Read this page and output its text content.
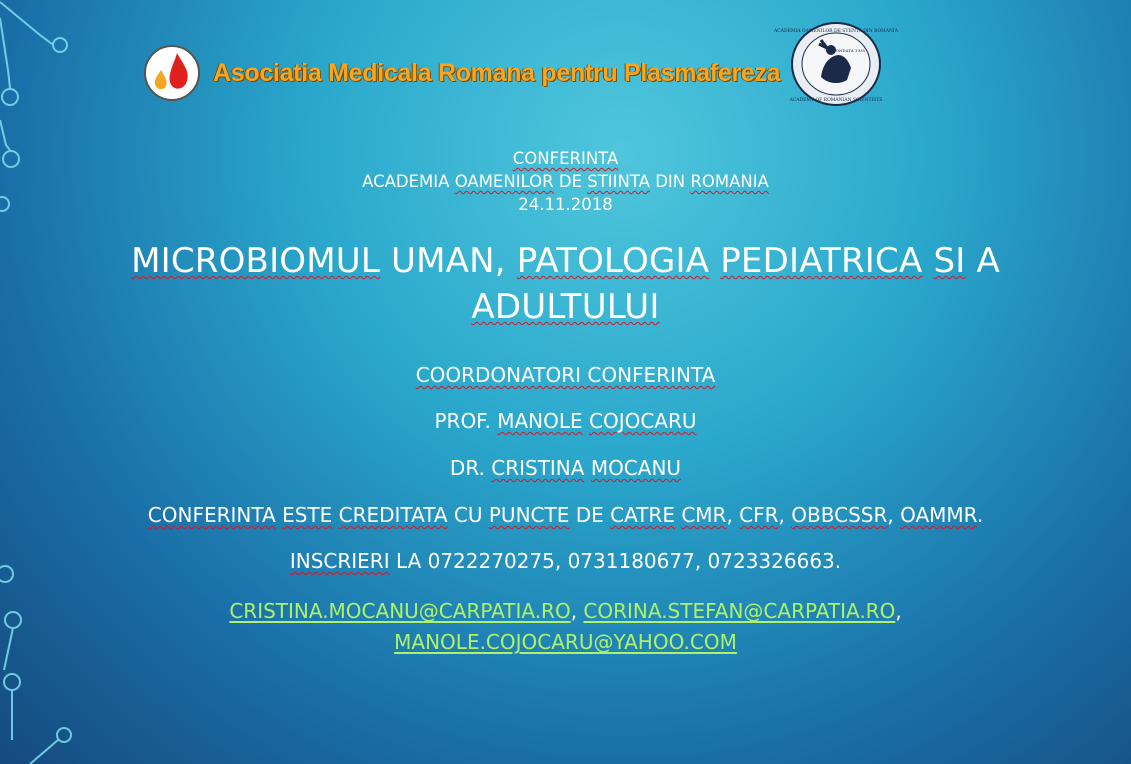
Asociatia Medicala Romana pentru Plasmafereza
ACADEMIA OAMENILOR DE STIINTA DIN ROMANIA
FONDATA 1935
ACADEMY OF ROMANIAN SCIENTISTS
CONFERINTA
ACADEMIA OAMENILOR DE STIINTA DIN ROMANIA
24.11.2018
MICROBIOMUL UMAN, PATOLOGIA PEDIATRICA SI A
ADULTULUI
COORDONATORI CONFERINTA
PROF. MANOLE COJOCARU
DR. CRISTINA MOCANU
CONFERINTA ESTE CREDITATA CU PUNCTE DE CATRE CMR, CFR, OBBCSSR, OAMMR.
INSCRIERI LA 0722270275, 0731180677, 0723326663.
CRISTINA.MOCANU@CARPATIA.RO, CORINA.STEFAN@CARPATIA.RO,
MANOLE.COJOCARU@YAHOO.COM
